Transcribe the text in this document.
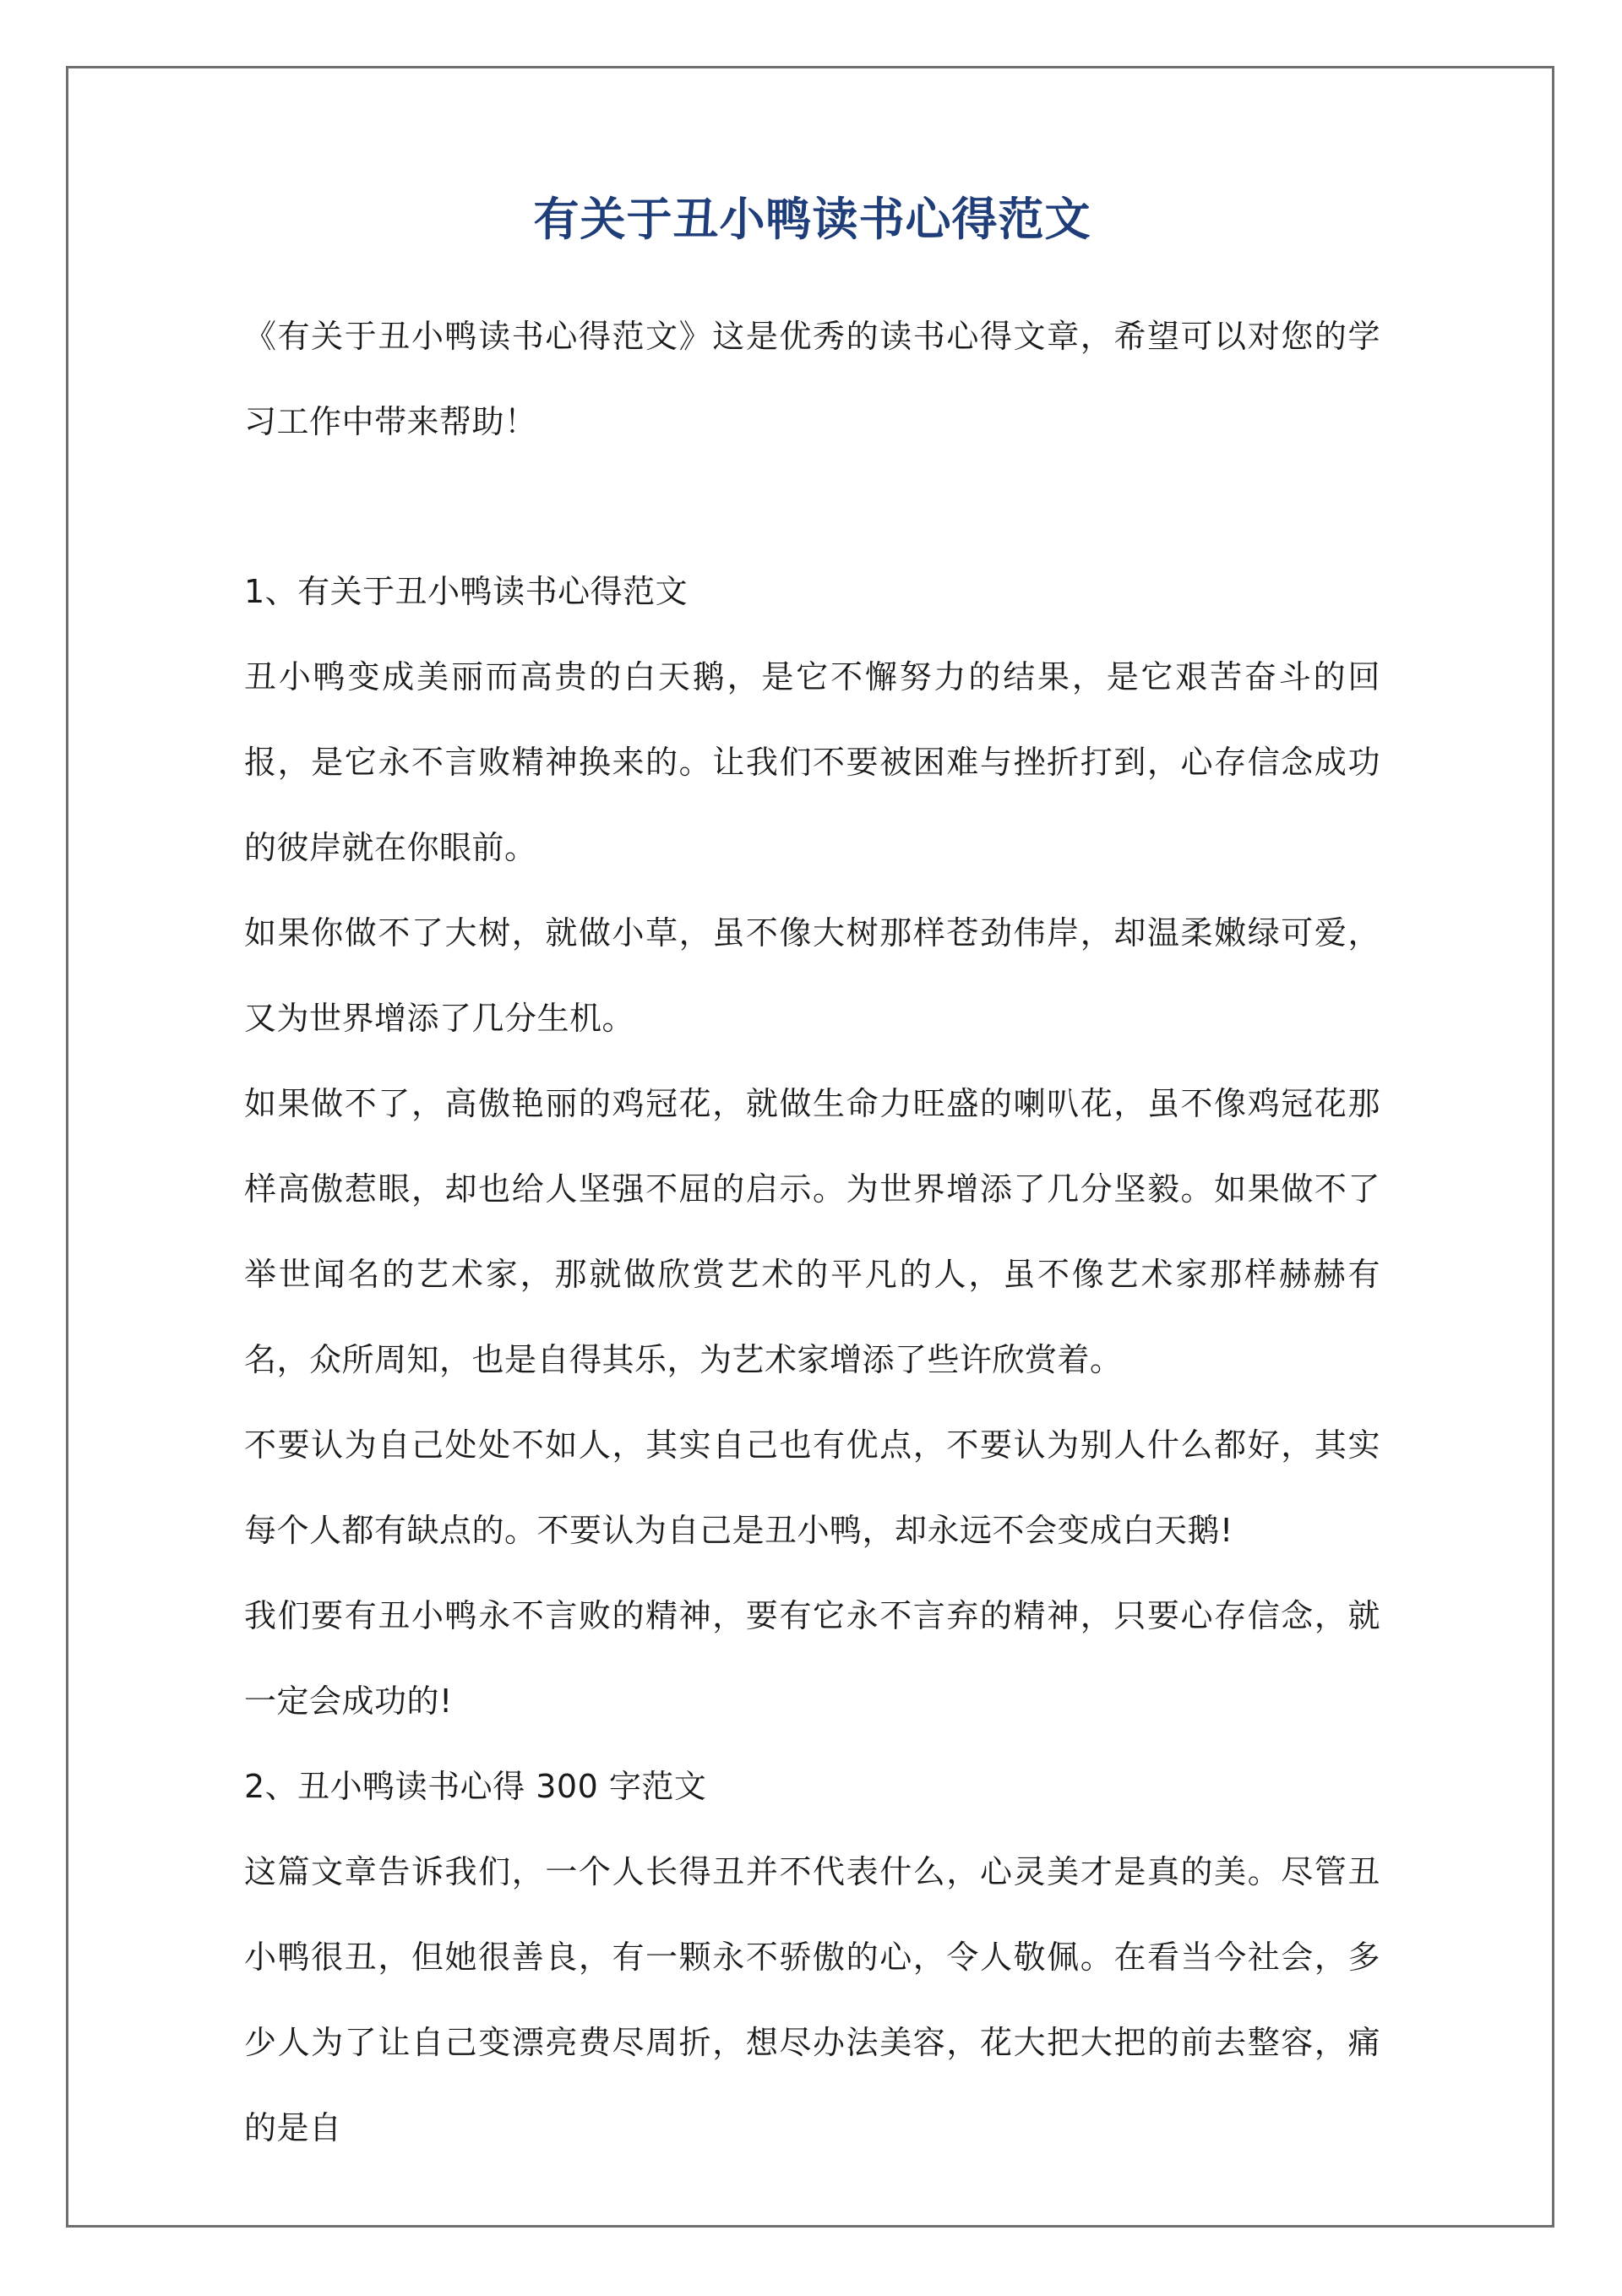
有关于丑小鸭读书心得范文

《有关于丑小鸭读书心得范文》这是优秀的读书心得文章，希望可以对您的学习工作中带来帮助！

1、有关于丑小鸭读书心得范文

丑小鸭变成美丽而高贵的白天鹅，是它不懈努力的结果，是它艰苦奋斗的回报，是它永不言败精神换来的。让我们不要被困难与挫折打到，心存信念成功的彼岸就在你眼前。

如果你做不了大树，就做小草，虽不像大树那样苍劲伟岸，却温柔嫩绿可爱，又为世界增添了几分生机。

如果做不了，高傲艳丽的鸡冠花，就做生命力旺盛的喇叭花，虽不像鸡冠花那样高傲惹眼，却也给人坚强不屈的启示。为世界增添了几分坚毅。如果做不了举世闻名的艺术家，那就做欣赏艺术的平凡的人，虽不像艺术家那样赫赫有名，众所周知，也是自得其乐，为艺术家增添了些许欣赏着。

不要认为自己处处不如人，其实自己也有优点，不要认为别人什么都好，其实每个人都有缺点的。不要认为自己是丑小鸭，却永远不会变成白天鹅!

我们要有丑小鸭永不言败的精神，要有它永不言弃的精神，只要心存信念，就一定会成功的!

2、丑小鸭读书心得 300 字范文

这篇文章告诉我们，一个人长得丑并不代表什么，心灵美才是真的美。尽管丑小鸭很丑，但她很善良，有一颗永不骄傲的心，令人敬佩。在看当今社会，多少人为了让自己变漂亮费尽周折，想尽办法美容，花大把大把的前去整容，痛的是自
